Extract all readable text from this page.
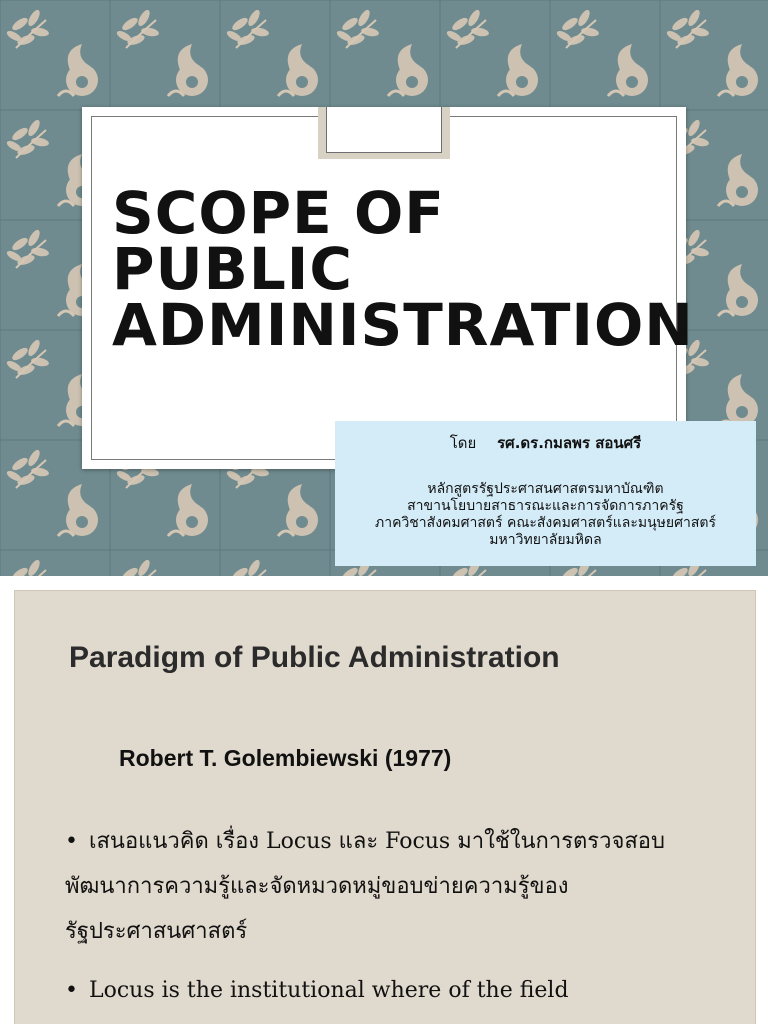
SCOPE OF PUBLIC
ADMINISTRATION
โดย รศ.ดร.กมลพร สอนศรี
หลักสูตรรัฐประศาสนศาสตรมหาบัณฑิต
สาขานโยบายสาธารณะและการจัดการภาครัฐ
ภาควิชาสังคมศาสตร์ คณะสังคมศาสตร์และมนุษยศาสตร์
มหาวิทยาลัยมหิดล
Paradigm of Public Administration
Robert T. Golembiewski (1977)
• เสนอแนวคิด เรื่อง Locus และ Focus มาใช้ในการตรวจสอบพัฒนาการความรู้และจัดหมวดหมู่ขอบข่ายความรู้ของรัฐประศาสนศาสตร์
• Locus is the institutional where of the field
